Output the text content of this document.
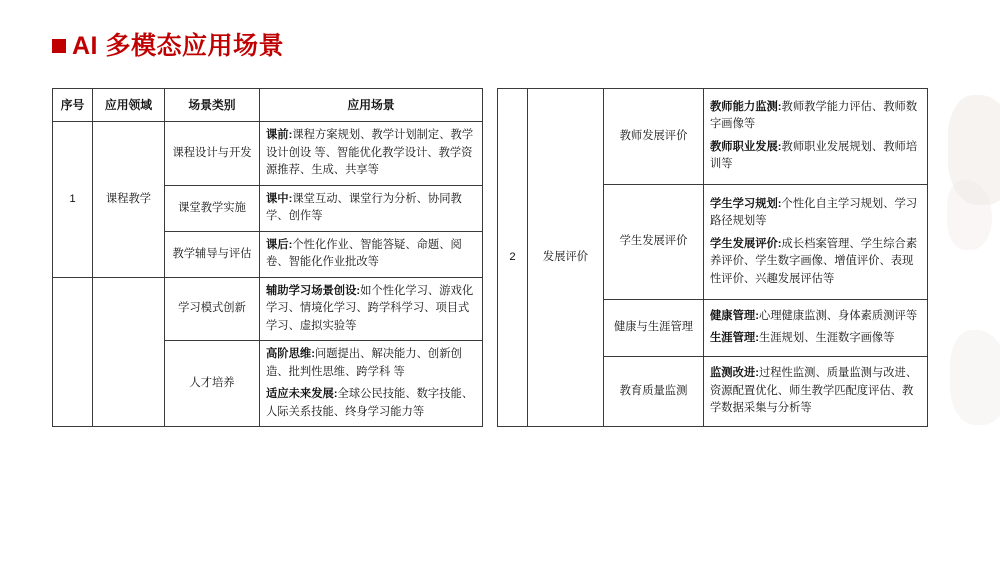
AI 多模态应用场景
序号	应用领域	场景类别	应用场景
1	课程教学	课程设计与开发	课前:课程方案规划、教学计划制定、教学设计创设 等、智能优化教学设计、教学资源推荐、生成、共享等

		课堂教学实施	课中:课堂互动、课堂行为分析、协同教学、创作等

		教学辅导与评估	课后:个性化作业、智能答疑、命题、阅卷、智能化作业批改等

		学习模式创新	辅助学习场景创设:如个性化学习、游戏化学习、情境化学习、跨学科学习、项目式学习、虚拟实验等

		人才培养	高阶思维:问题提出、解决能力、创新创造、批判性思维、跨学科 等

适应未来发展:全球公民技能、数字技能、人际关系技能、终身学习能力等

2	发展评价	教师发展评价	教师能力监测:教师教学能力评估、教师数字画像等

教师职业发展:教师职业发展规划、教师培训等

		学生发展评价	学生学习规划:个性化自主学习规划、学习路径规划等

学生发展评价:成长档案管理、学生综合素养评价、学生数字画像、增值评价、表现性评价、兴趣发展评估等

		健康与生涯管理	健康管理:心理健康监测、身体素质测评等

生涯管理:生涯规划、生涯数字画像等

		教育质量监测	监测改进:过程性监测、质量监测与改进、资源配置优化、师生教学匹配度评估、教学数据采集与分析等
